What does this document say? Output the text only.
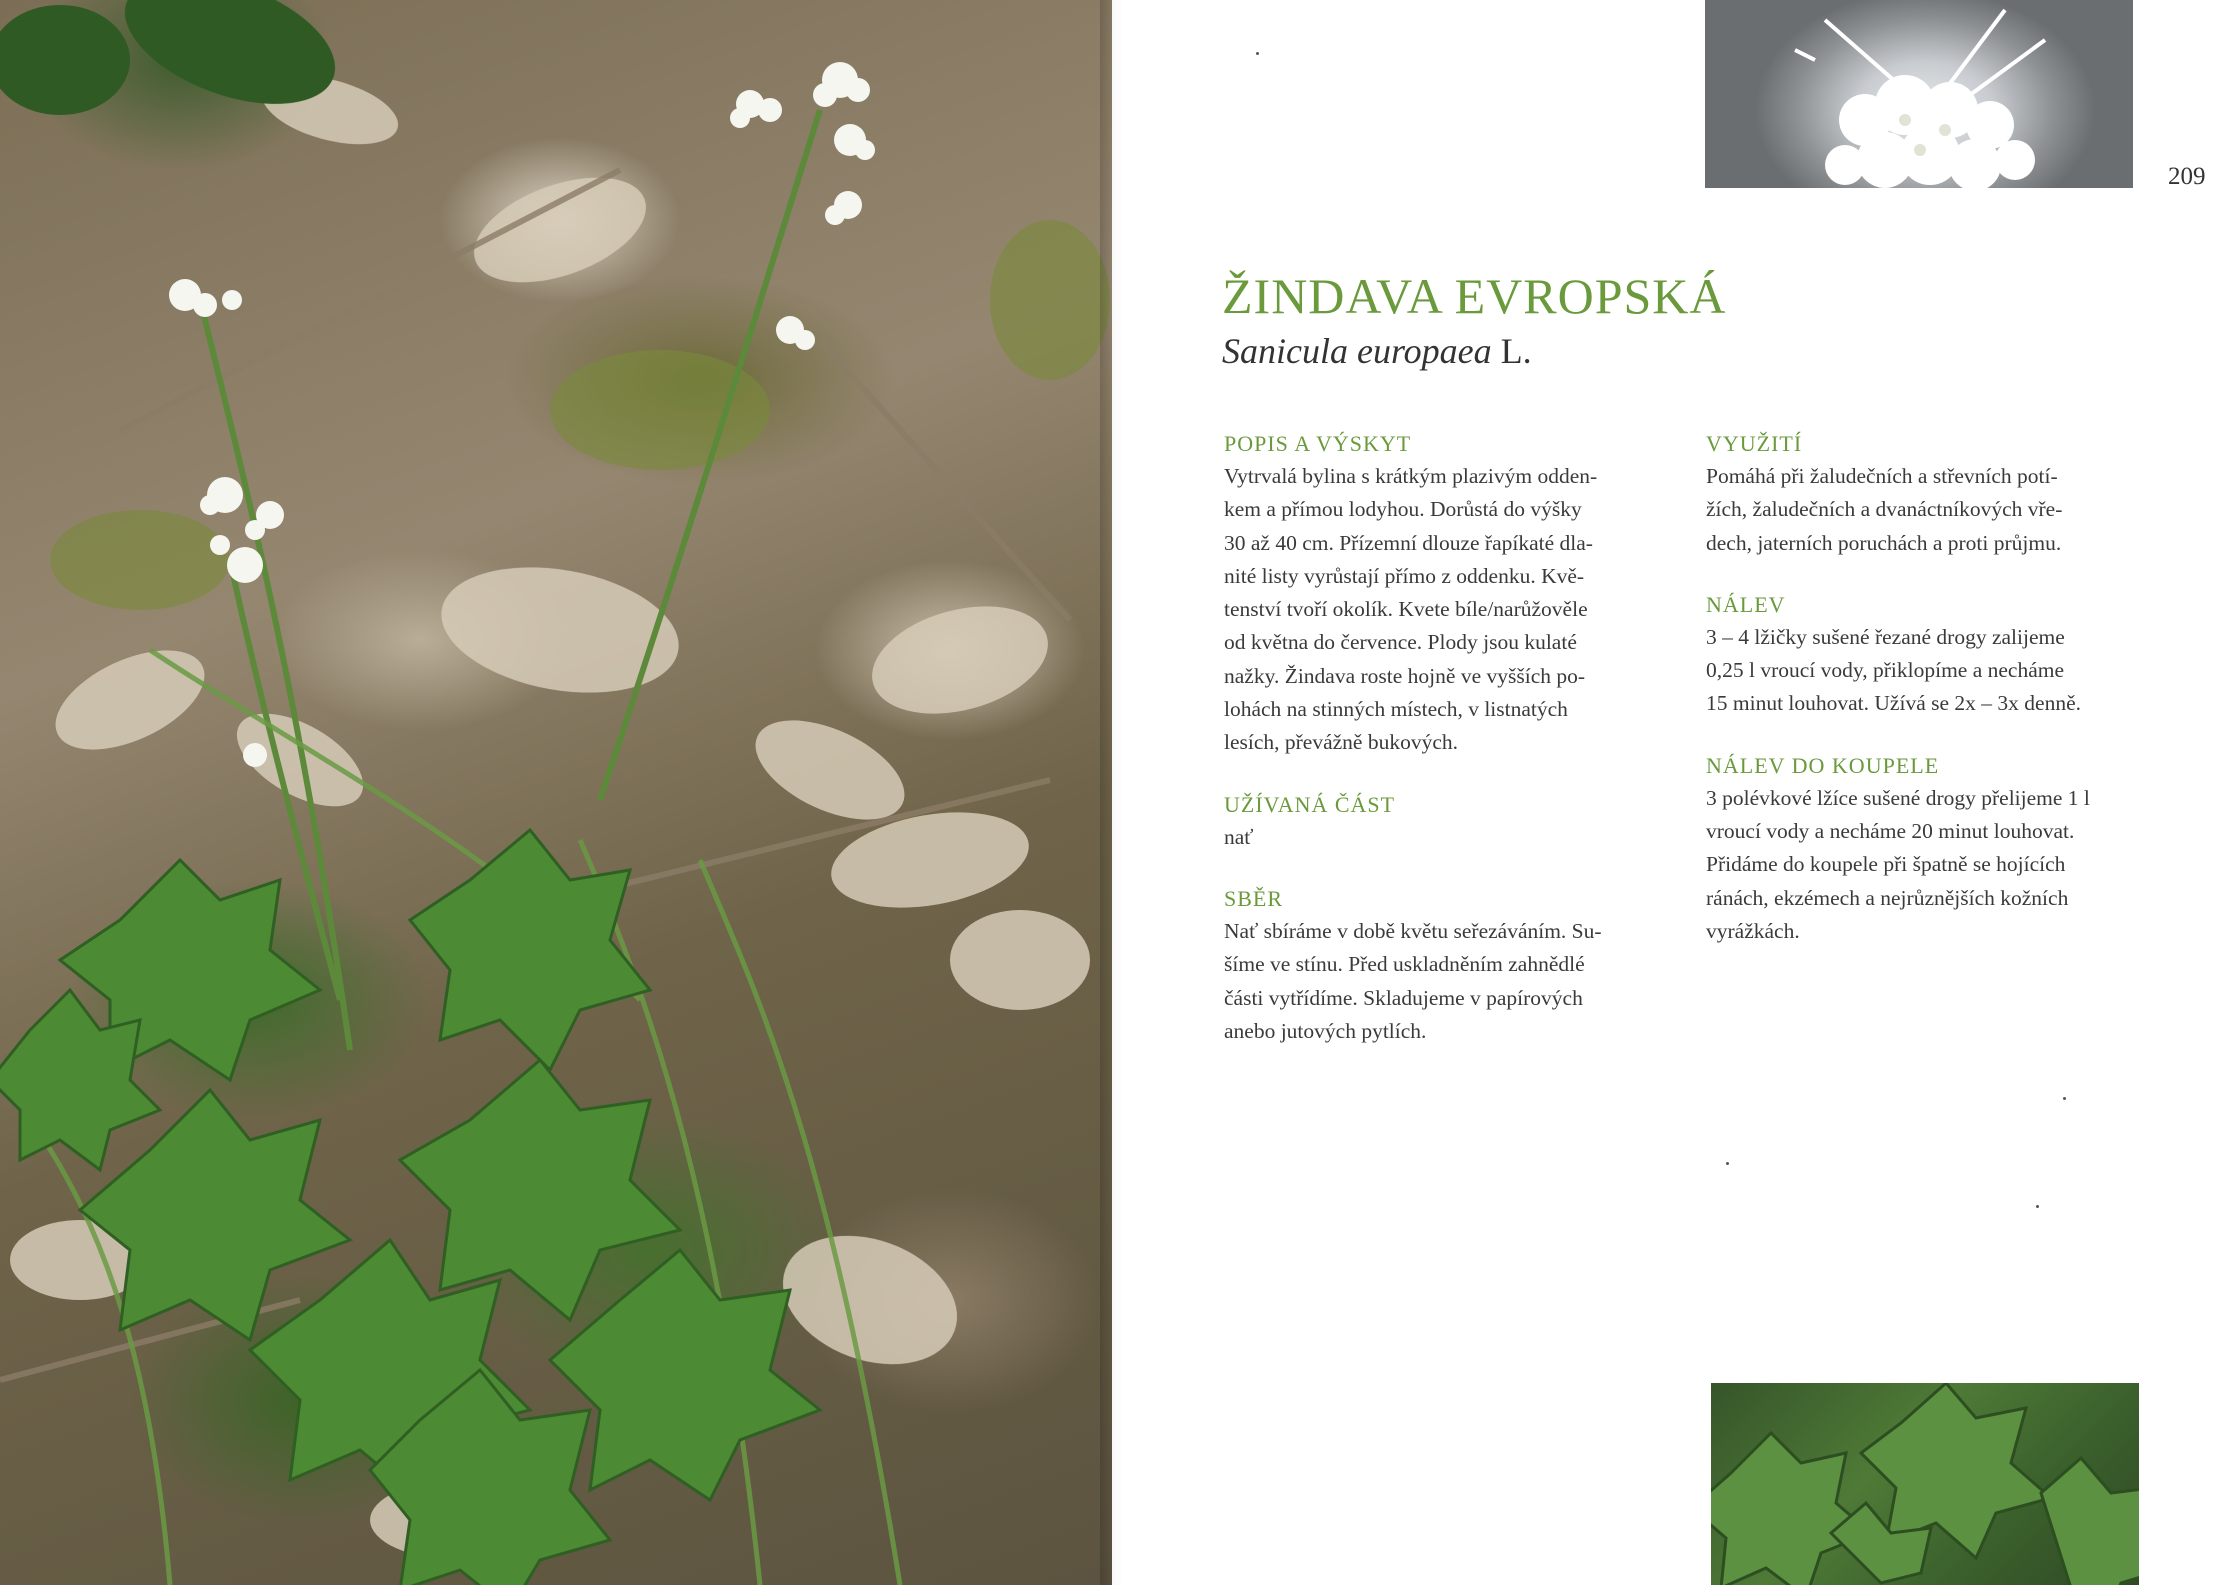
209
ŽINDAVA EVROPSKÁ

Sanicula europaea L.

POPIS A VÝSKYT

Vytrvalá bylina s krátkým plazivým odden-

kem a přímou lodyhou. Dorůstá do výšky

30 až 40 cm. Přízemní dlouze řapíkaté dla-

nité listy vyrůstají přímo z oddenku. Kvě-

tenství tvoří okolík. Kvete bíle/narůžověle

od května do července. Plody jsou kulaté

nažky. Žindava roste hojně ve vyšších po-

lohách na stinných místech, v listnatých

lesích, převážně bukových.

UŽÍVANÁ ČÁST

nať

SBĚR

Nať sbíráme v době květu seřezáváním. Su-

šíme ve stínu. Před uskladněním zahnědlé

části vytřídíme. Skladujeme v papírových

anebo jutových pytlích.

VYUŽITÍ

Pomáhá při žaludečních a střevních potí-

žích, žaludečních a dvanáctníkových vře-

dech, jaterních poruchách a proti průjmu.

NÁLEV

3 – 4 lžičky sušené řezané drogy zalijeme

0,25 l vroucí vody, přiklopíme a necháme

15 minut louhovat. Užívá se 2x – 3x denně.

NÁLEV DO KOUPELE

3 polévkové lžíce sušené drogy přelijeme 1 l

vroucí vody a necháme 20 minut louhovat.

Přidáme do koupele při špatně se hojících

ránách, ekzémech a nejrůznějších kožních

vyrážkách.
